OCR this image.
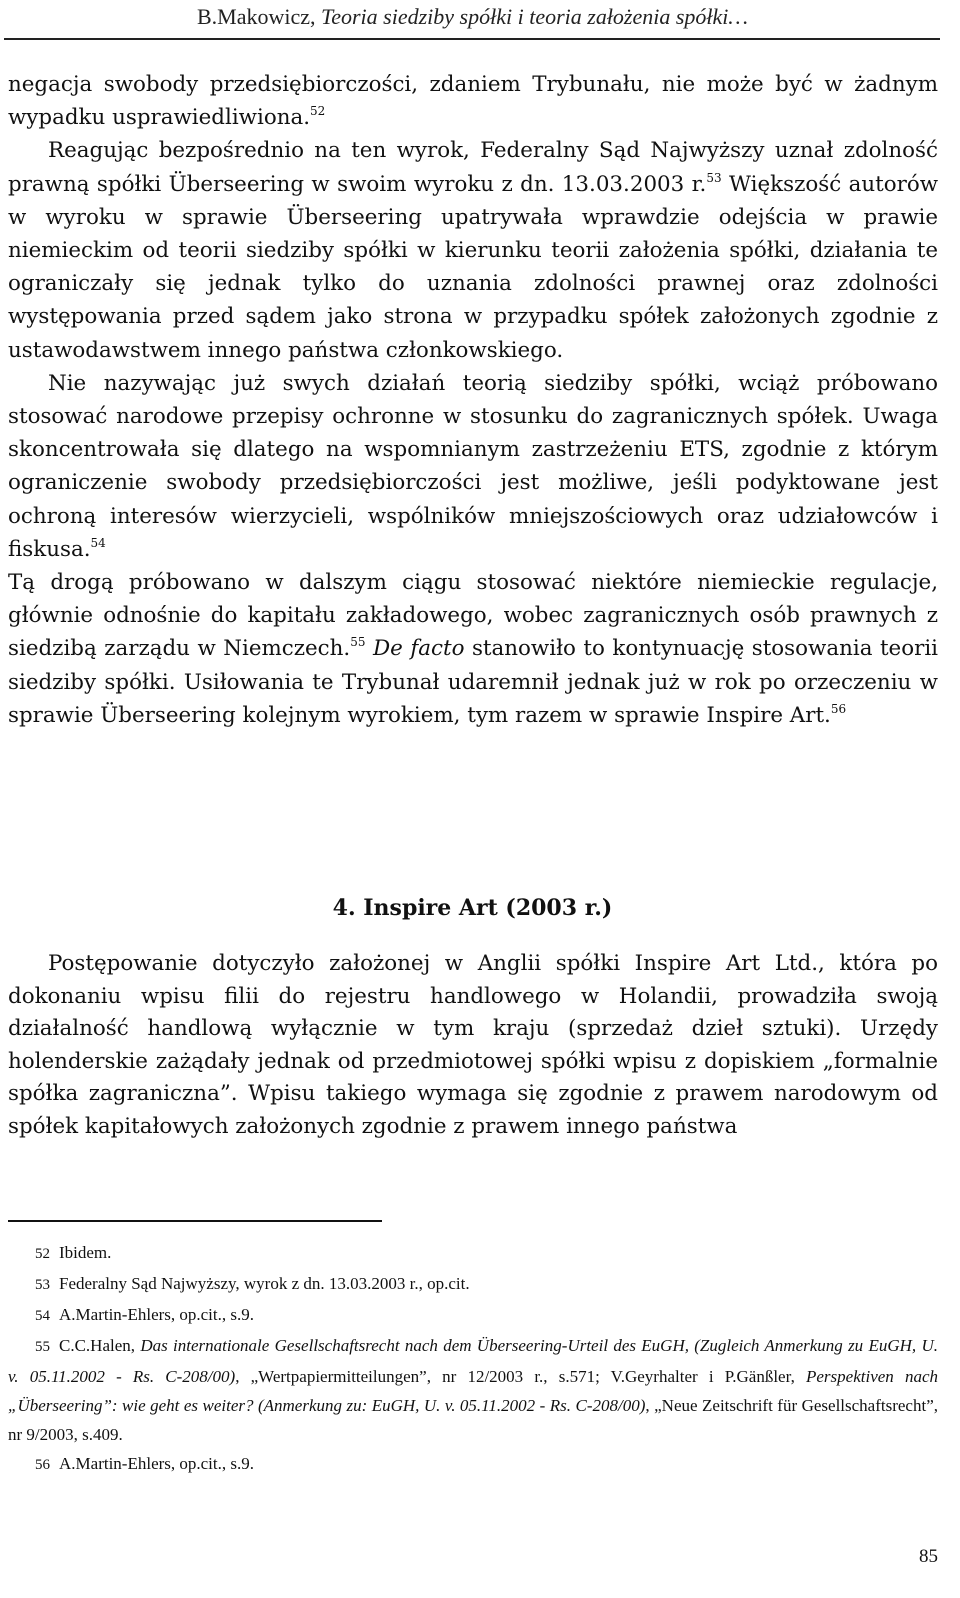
B.Makowicz, Teoria siedziby spółki i teoria założenia spółki…

negacja swobody przedsiębiorczości, zdaniem Trybunału, nie może być w żadnym wypadku usprawiedliwiona.$^{52}$

Reagując bezpośrednio na ten wyrok, Federalny Sąd Najwyższy uznał zdolność prawną spółki Überseering w swoim wyroku z dn. 13.03.2003 r.$^{53}$ Większość autorów w wyroku w sprawie Überseering upatrywała wprawdzie odejścia w prawie niemieckim od teorii siedziby spółki w kierunku teorii założenia spółki, działania te ograniczały się jednak tylko do uznania zdolności prawnej oraz zdolności występowania przed sądem jako strona w przypadku spółek założonych zgodnie z ustawodawstwem innego państwa członkowskiego.

Nie nazywając już swych działań teorią siedziby spółki, wciąż próbowano stosować narodowe przepisy ochronne w stosunku do zagranicznych spółek. Uwaga skoncentrowała się dlatego na wspomnianym zastrzeżeniu ETS, zgodnie z którym ograniczenie swobody przedsiębiorczości jest możliwe, jeśli podyktowane jest ochroną interesów wierzycieli, wspólników mniejszościowych oraz udziałowców i fiskusa.$^{54}$

Tą drogą próbowano w dalszym ciągu stosować niektóre niemieckie regulacje, głównie odnośnie do kapitału zakładowego, wobec zagranicznych osób prawnych z siedzibą zarządu w Niemczech.$^{55}$ De facto stanowiło to kontynuację stosowania teorii siedziby spółki. Usiłowania te Trybunał udaremnił jednak już w rok po orzeczeniu w sprawie Überseering kolejnym wyrokiem, tym razem w sprawie Inspire Art.$^{56}$

4. Inspire Art (2003 r.)

Postępowanie dotyczyło założonej w Anglii spółki Inspire Art Ltd., która po dokonaniu wpisu filii do rejestru handlowego w Holandii, prowadziła swoją działalność handlową wyłącznie w tym kraju (sprzedaż dzieł sztuki). Urzędy holenderskie zażądały jednak od przedmiotowej spółki wpisu z dopiskiem „formalnie spółka zagraniczna”. Wpisu takiego wymaga się zgodnie z prawem narodowym od spółek kapitałowych założonych zgodnie z prawem innego państwa

52 Ibidem.

53 Federalny Sąd Najwyższy, wyrok z dn. 13.03.2003 r., op.cit.

54 A.Martin-Ehlers, op.cit., s.9.

55 C.C.Halen, Das internationale Gesellschaftsrecht nach dem Überseering-Urteil des EuGH, (Zugleich Anmerkung zu EuGH, U. v. 05.11.2002 - Rs. C-208/00), „Wertpapiermitteilungen”, nr 12/2003 r., s.571; V.Geyrhalter i P.Gänßler, Perspektiven nach „Überseering”: wie geht es weiter? (Anmerkung zu: EuGH, U. v. 05.11.2002 - Rs. C-208/00), „Neue Zeitschrift für Gesellschaftsrecht”, nr 9/2003, s.409.

56 A.Martin-Ehlers, op.cit., s.9.

85
